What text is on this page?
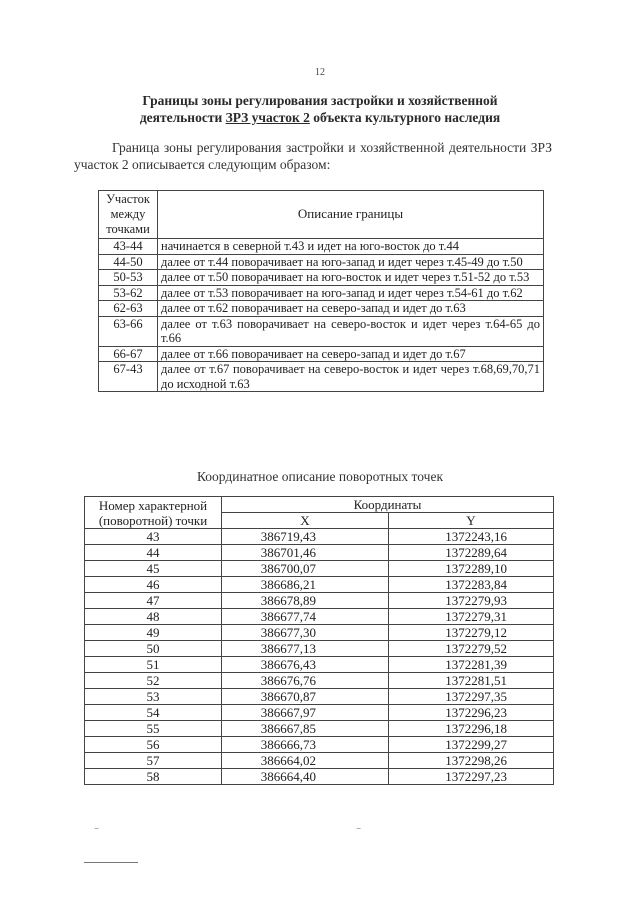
12
Границы зоны регулирования застройки и хозяйственной
деятельности ЗРЗ участок 2 объекта культурного наследия

Граница зоны регулирования застройки и хозяйственной деятельности ЗРЗ участок 2 описывается следующим образом:

Участок между точками	Описание границы
43-44	начинается в северной т.43 и идет на юго-восток до т.44
44-50	далее от т.44 поворачивает на юго-запад и идет через т.45-49 до т.50
50-53	далее от т.50 поворачивает на юго-восток и идет через т.51-52 до т.53
53-62	далее от т.53 поворачивает на юго-запад и идет через т.54-61 до т.62
62-63	далее от т.62 поворачивает на северо-запад и идет до т.63
63-66	далее от т.63 поворачивает на северо-восток и идет через т.64-65 до т.66
66-67	далее от т.66 поворачивает на северо-запад и идет до т.67
67-43	далее от т.67 поворачивает на северо-восток и идет через т.68,69,70,71 до исходной т.63
Координатное описание поворотных точек
Номер характерной (поворотной) точки	Координаты	
	X	Y
43	386719,43	1372243,16
44	386701,46	1372289,64
45	386700,07	1372289,10
46	386686,21	1372283,84
47	386678,89	1372279,93
48	386677,74	1372279,31
49	386677,30	1372279,12
50	386677,13	1372279,52
51	386676,43	1372281,39
52	386676,76	1372281,51
53	386670,87	1372297,35
54	386667,97	1372296,23
55	386667,85	1372296,18
56	386666,73	1372299,27
57	386664,02	1372298,26
58	386664,40	1372297,23
⁻	⁻
